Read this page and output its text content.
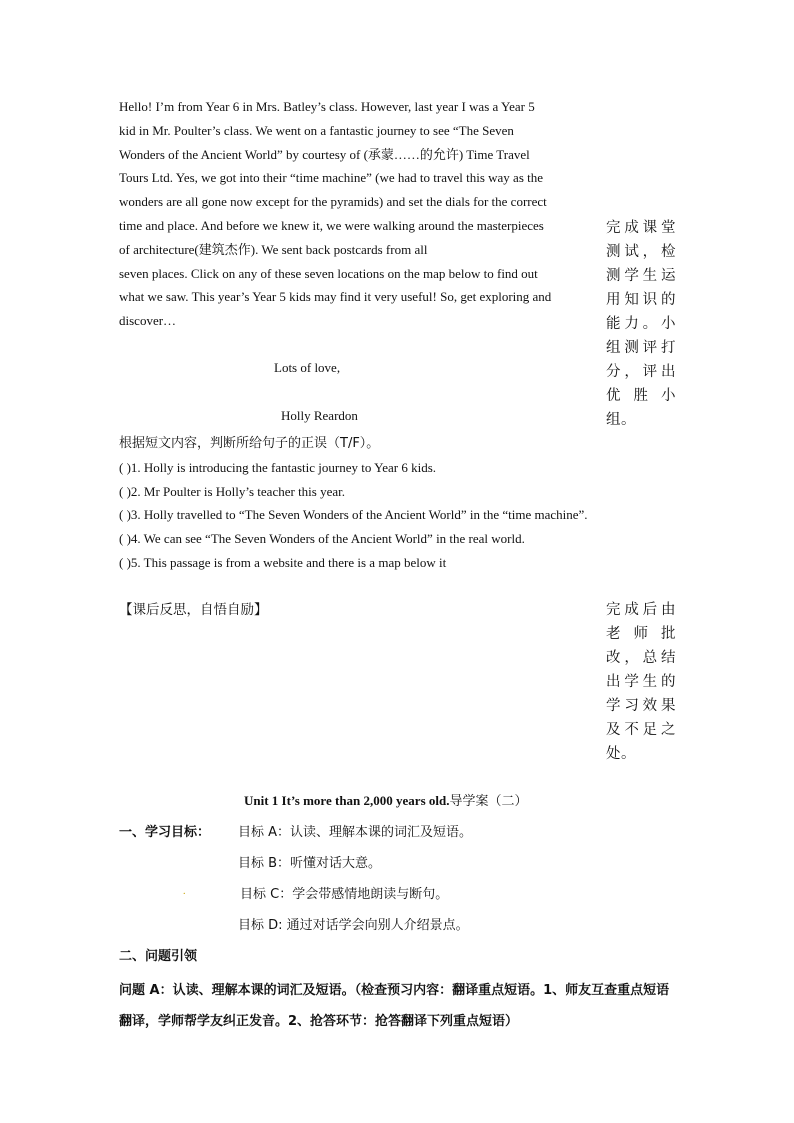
Hello! I’m from Year 6 in Mrs. Batley’s class. However, last year I was a Year 5

kid in Mr. Poulter’s class. We went on a fantastic journey to see “The Seven

Wonders of the Ancient World” by courtesy of (承蒙……的允许) Time Travel

Tours Ltd. Yes, we got into their “time machine” (we had to travel this way as the

wonders are all gone now except for the pyramids) and set the dials for the correct

time and place. And before we knew it, we were walking around the masterpieces

of architecture(建筑杰作). We sent back postcards from all

seven places. Click on any of these seven locations on the map below to find out

what we saw. This year’s Year 5 kids may find it very useful! So, get exploring and

discover…

完成课堂测试，检测学生运用知识的能力。小组测评打分，评出优胜小组。
Lots of love,
Holly Reardon
根据短文内容，判断所给句子的正误（T/F）。
( )1. Holly is introducing the fantastic journey to Year 6 kids.
( )2. Mr Poulter is Holly’s teacher this year.
( )3. Holly travelled to “The Seven Wonders of the Ancient World” in the “time machine”.
( )4. We can see “The Seven Wonders of the Ancient World” in the real world.
( )5. This passage is from a website and there is a map below it
【课后反思，自悟自励】	完成后由老师批改，总结出学生的学习效果及不足之处。
Unit 1 It’s more than 2,000 years old.导学案（二）
一、学习目标： 目标 A：认读、理解本课的词汇及短语。
目标 B：听懂对话大意。
.	目标 C：学会带感情地朗读与断句。
目标 D: 通过对话学会向别人介绍景点。
二、问题引领
问题 A：认读、理解本课的词汇及短语。（检查预习内容：翻译重点短语。1、师友互查重点短语翻译，学师帮学友纠正发音。2、抢答环节：抢答翻译下列重点短语）
